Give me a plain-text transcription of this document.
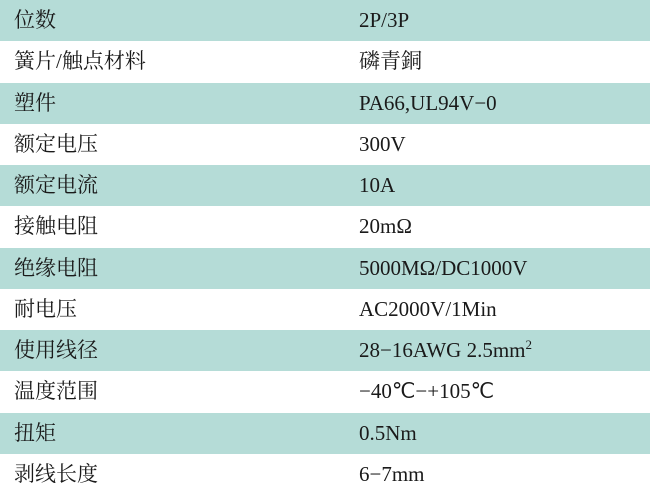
位数	2P/3P
簧片/触点材料	磷青銅
塑件	PA66,UL94V−0
额定电压	300V
额定电流	10A
接触电阻	20mΩ
绝缘电阻	5000MΩ/DC1000V
耐电压	AC2000V/1Min
使用线径	28−16AWG $2.5mm^2$
温度范围	−40℃−+105℃
扭矩	0.5Nm
剥线长度	6−7mm
